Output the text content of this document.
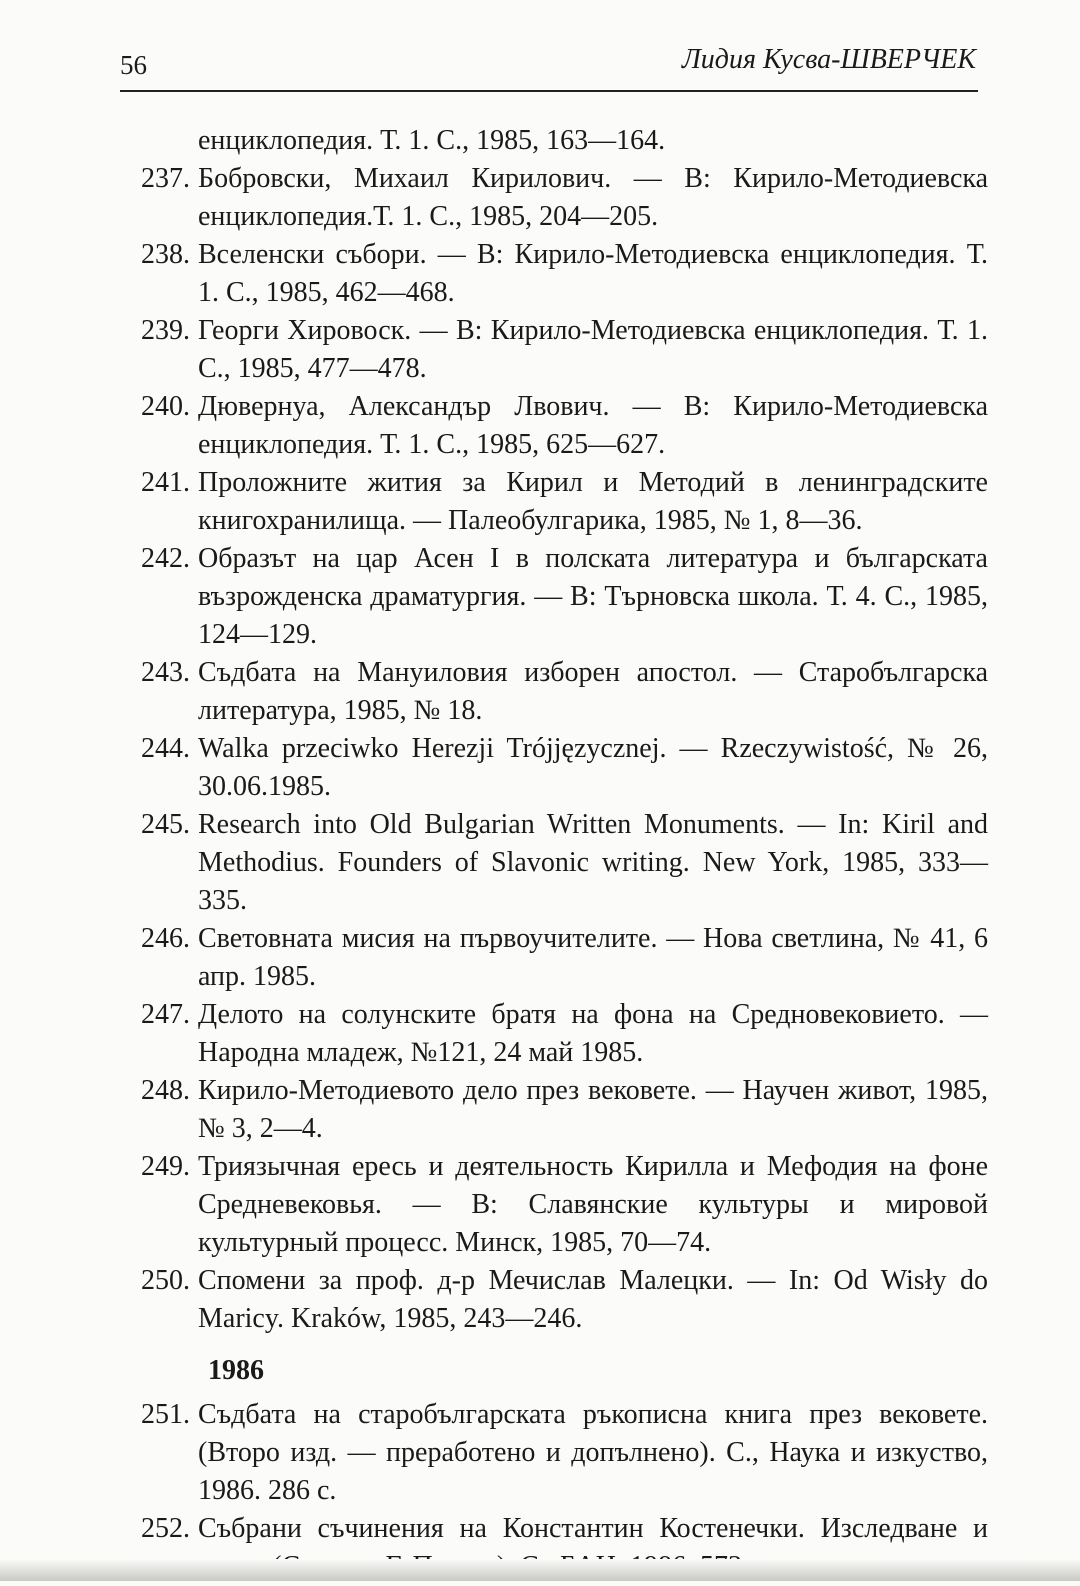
56	Лидия Кусва-ШВЕРЧЕК
енциклопедия. Т. 1. С., 1985, 163—164.
237. Бобровски, Михаил Кирилович. — В: Кирило-Методиевска енциклопедия.Т. 1. С., 1985, 204—205.
238. Вселенски събори. — В: Кирило-Методиевска енциклопедия. Т. 1. С., 1985, 462—468.
239. Георги Хировоск. — В: Кирило-Методиевска енциклопедия. Т. 1. С., 1985, 477—478.
240. Дювернуа, Александър Лвович. — В: Кирило-Методиевска енциклопедия. Т. 1. С., 1985, 625—627.
241. Проложните жития за Кирил и Методий в ленинградските книгохранилища. — Палеобулгарика, 1985, № 1, 8—36.
242. Образът на цар Асен I в полската литература и българската възрожденска драматургия. — В: Търновска школа. Т. 4. С., 1985, 124—129.
243. Съдбата на Мануиловия изборен апостол. — Старобългарска литература, 1985, № 18.
244. Walka przeciwko Herezji Trójjęzycznej. — Rzeczywistość, № 26, 30.06.1985.
245. Research into Old Bulgarian Written Monuments. — In: Kiril and Methodius. Founders of Slavonic writing. New York, 1985, 333—335.
246. Световната мисия на първоучителите. — Нова светлина, № 41, 6 апр. 1985.
247. Делото на солунските братя на фона на Средновековието. — Народна младеж, №121, 24 май 1985.
248. Кирило-Методиевото дело през вековете. — Научен живот, 1985, № 3, 2—4.
249. Триязычная ересь и деятельность Кирилла и Мефодия на фоне Средневековья. — В: Славянские культуры и мировой культурный процесс. Минск, 1985, 70—74.
250. Спомени за проф. д-р Мечислав Малецки. — In: Od Wisły do Maricy. Kraków, 1985, 243—246.
1986
251. Съдбата на старобългарската ръкописна книга през вековете. (Второ изд. — преработено и допълнено). С., Наука и изкуство, 1986. 286 с.
252. Събрани съчинения на Константин Костенечки. Изследване и
